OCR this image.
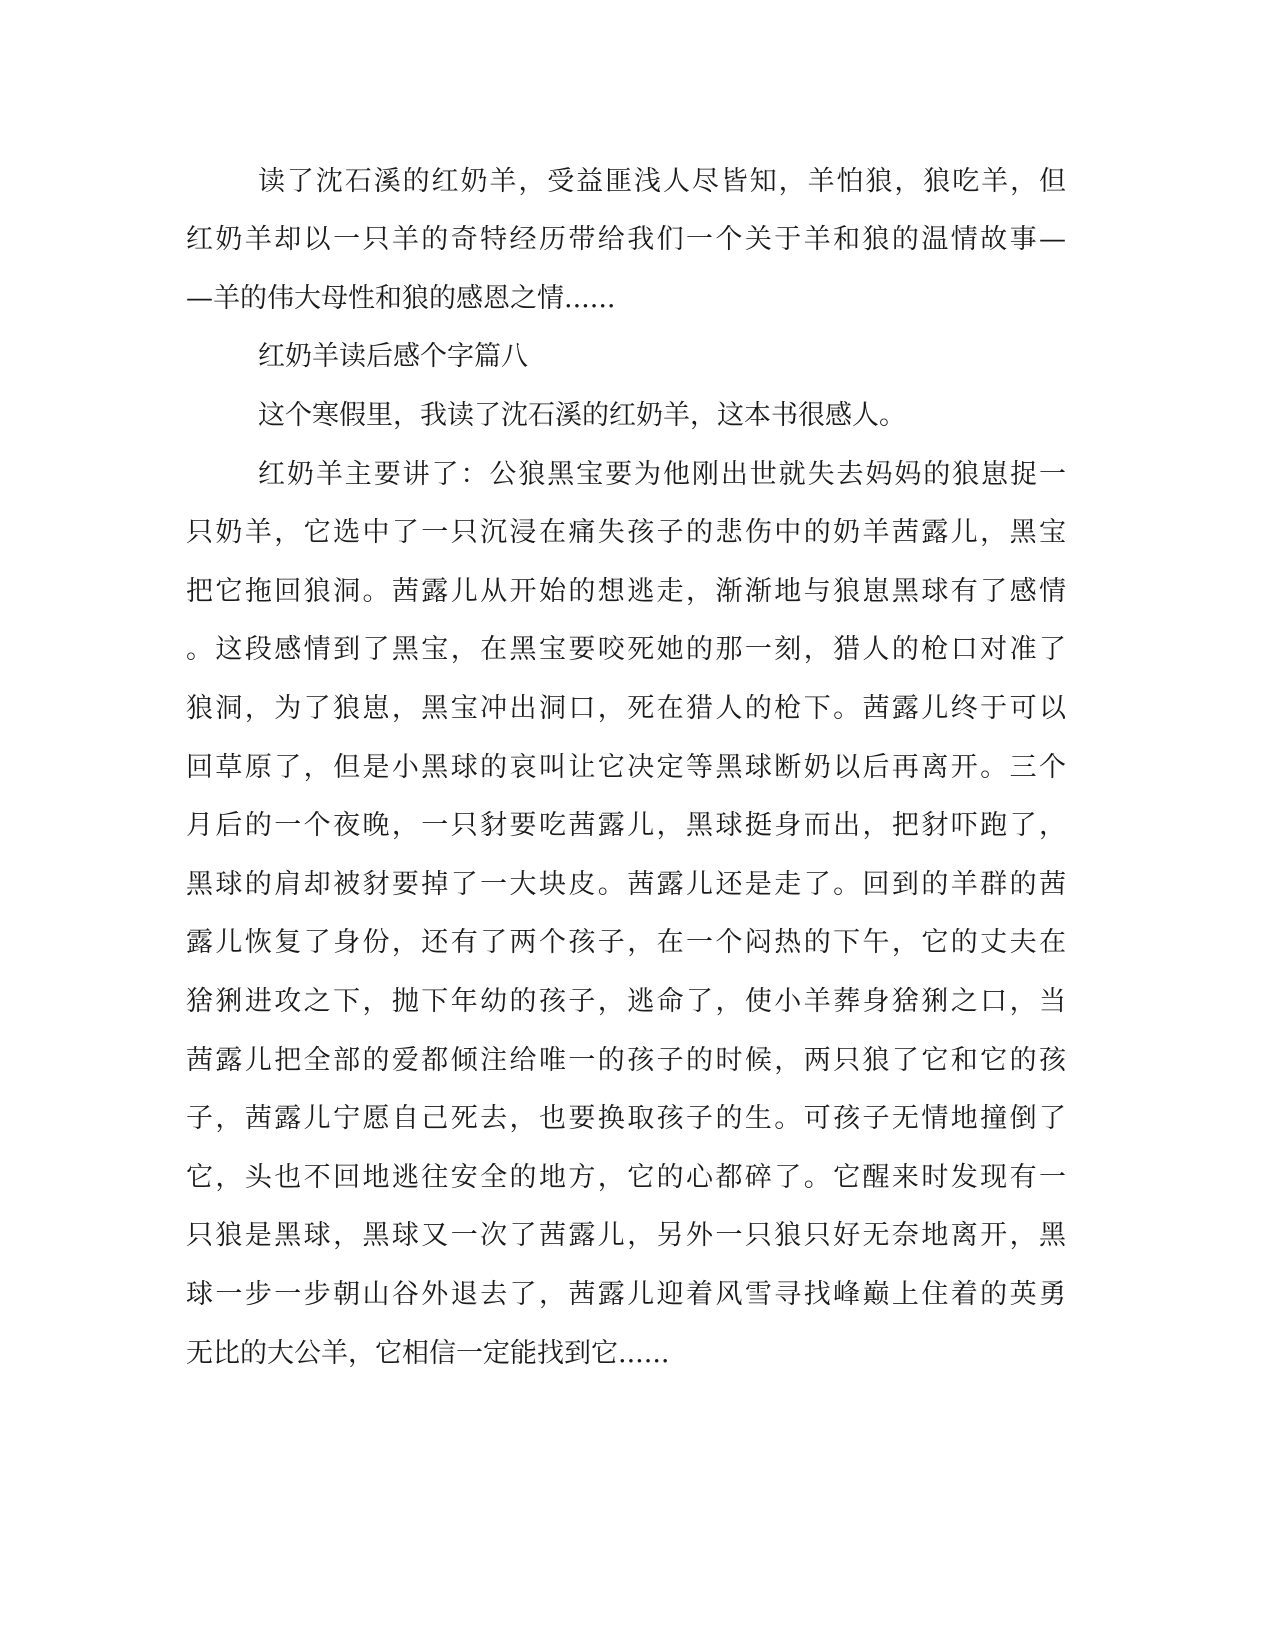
读了沈石溪的红奶羊，受益匪浅人尽皆知，羊怕狼，狼吃羊，但
红奶羊却以一只羊的奇特经历带给我们一个关于羊和狼的温情故事—
—羊的伟大母性和狼的感恩之情......
红奶羊读后感个字篇八
这个寒假里，我读了沈石溪的红奶羊，这本书很感人。
红奶羊主要讲了：公狼黑宝要为他刚出世就失去妈妈的狼崽捉一
只奶羊，它选中了一只沉浸在痛失孩子的悲伤中的奶羊茜露儿，黑宝
把它拖回狼洞。茜露儿从开始的想逃走，渐渐地与狼崽黑球有了感情
。这段感情到了黑宝，在黑宝要咬死她的那一刻，猎人的枪口对准了
狼洞，为了狼崽，黑宝冲出洞口，死在猎人的枪下。茜露儿终于可以
回草原了，但是小黑球的哀叫让它决定等黑球断奶以后再离开。三个
月后的一个夜晚，一只豺要吃茜露儿，黑球挺身而出，把豺吓跑了，
黑球的肩却被豺要掉了一大块皮。茜露儿还是走了。回到的羊群的茜
露儿恢复了身份，还有了两个孩子，在一个闷热的下午，它的丈夫在
猞猁进攻之下，抛下年幼的孩子，逃命了，使小羊葬身猞猁之口，当
茜露儿把全部的爱都倾注给唯一的孩子的时候，两只狼了它和它的孩
子，茜露儿宁愿自己死去，也要换取孩子的生。可孩子无情地撞倒了
它，头也不回地逃往安全的地方，它的心都碎了。它醒来时发现有一
只狼是黑球，黑球又一次了茜露儿，另外一只狼只好无奈地离开，黑
球一步一步朝山谷外退去了，茜露儿迎着风雪寻找峰巅上住着的英勇
无比的大公羊，它相信一定能找到它......
